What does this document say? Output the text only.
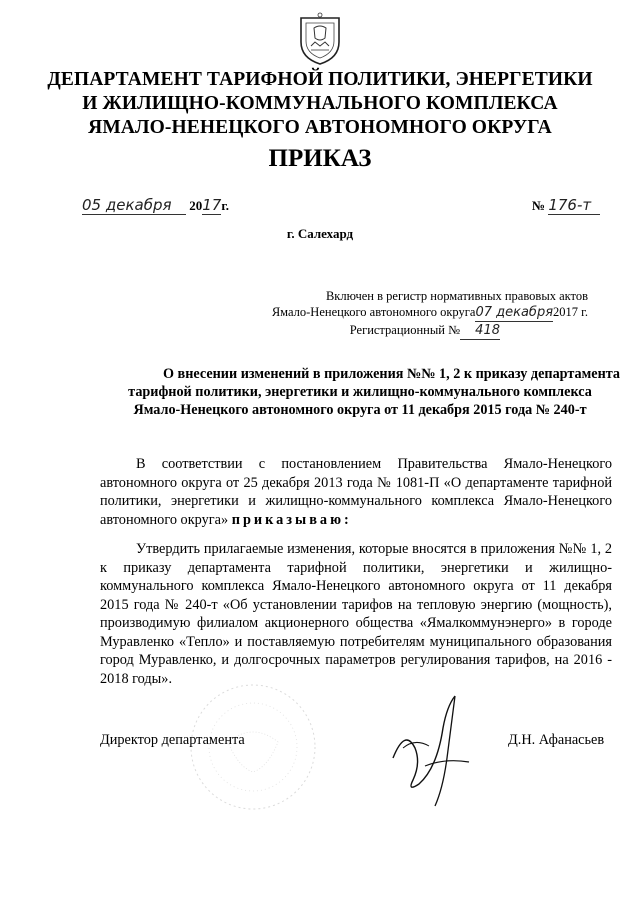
ДЕПАРТАМЕНТ ТАРИФНОЙ ПОЛИТИКИ, ЭНЕРГЕТИКИ
И ЖИЛИЩНО-КОММУНАЛЬНОГО КОМПЛЕКСА
ЯМАЛО-НЕНЕЦКОГО АВТОНОМНОГО ОКРУГА
ПРИКАЗ
05 декабря 2017г.	№ 176-т
г. Салехард
Включен в регистр нормативных правовых актов
Ямало-Ненецкого автономного округа07 декабря2017 г.
Регистрационный № 418
О внесении изменений в приложения №№ 1, 2 к приказу департамента
тарифной политики, энергетики и жилищно-коммунального комплекса
Ямало-Ненецкого автономного округа от 11 декабря 2015 года № 240-т
В соответствии с постановлением Правительства Ямало-Ненецкого автономного округа от 25 декабря 2013 года № 1081-П «О департаменте тарифной политики, энергетики и жилищно-коммунального комплекса Ямало-Ненецкого автономного округа» приказываю:
Утвердить прилагаемые изменения, которые вносятся в приложения №№ 1, 2 к приказу департамента тарифной политики, энергетики и жилищно-коммунального комплекса Ямало-Ненецкого автономного округа от 11 декабря 2015 года № 240-т «Об установлении тарифов на тепловую энергию (мощность), производимую филиалом акционерного общества «Ямалкоммунэнерго» в городе Муравленко «Тепло» и поставляемую потребителям муниципального образования город Муравленко, и долгосрочных параметров регулирования тарифов, на 2016 - 2018 годы».
Директор департамента	Д.Н. Афанасьев
